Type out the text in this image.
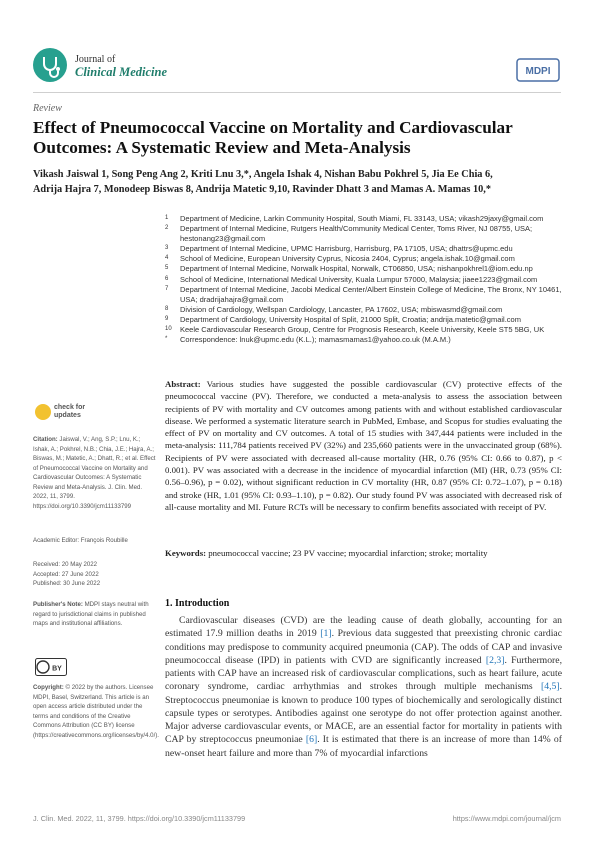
Journal of
Clinical Medicine	MDPI
Review
Effect of Pneumococcal Vaccine on Mortality and Cardiovascular Outcomes: A Systematic Review and Meta-Analysis
Vikash Jaiswal 1, Song Peng Ang 2, Kriti Lnu 3,*, Angela Ishak 4, Nishan Babu Pokhrel 5, Jia Ee Chia 6,
Adrija Hajra 7, Monodeep Biswas 8, Andrija Matetic 9,10, Ravinder Dhatt 3 and Mamas A. Mamas 10,*
1 Department of Medicine, Larkin Community Hospital, South Miami, FL 33143, USA; vikash29jaxy@gmail.com
2 Department of Internal Medicine, Rutgers Health/Community Medical Center, Toms River, NJ 08755, USA; hestonang23@gmail.com
3 Department of Internal Medicine, UPMC Harrisburg, Harrisburg, PA 17105, USA; dhattrs@upmc.edu
4 School of Medicine, European University Cyprus, Nicosia 2404, Cyprus; angela.ishak.10@gmail.com
5 Department of Internal Medicine, Norwalk Hospital, Norwalk, CT06850, USA; nishanpokhrel1@iom.edu.np
6 School of Medicine, International Medical University, Kuala Lumpur 57000, Malaysia; jiaee1223@gmail.com
7 Department of Internal Medicine, Jacobi Medical Center/Albert Einstein College of Medicine, The Bronx, NY 10461, USA; dradrijahajra@gmail.com
8 Division of Cardiology, Wellspan Cardiology, Lancaster, PA 17602, USA; mbiswasmd@gmail.com
9 Department of Cardiology, University Hospital of Split, 21000 Split, Croatia; andrija.matetic@gmail.com
10 Keele Cardiovascular Research Group, Centre for Prognosis Research, Keele University, Keele ST5 5BG, UK
* Correspondence: lnuk@upmc.edu (K.L.); mamasmamas1@yahoo.co.uk (M.A.M.)
Abstract: Various studies have suggested the possible cardiovascular (CV) protective effects of the pneumococcal vaccine (PV). Therefore, we conducted a meta-analysis to assess the association between recipients of PV with mortality and CV outcomes among patients with and without established cardiovascular disease. We performed a systematic literature search in PubMed, Embase, and Scopus for studies evaluating the effect of PV on mortality and CV outcomes. A total of 15 studies with 347,444 patients were included in the meta-analysis: 111,784 patients received PV (32%) and 235,660 patients were in the unvaccinated group (68%). Recipients of PV were associated with decreased all-cause mortality (HR, 0.76 (95% CI: 0.66 to 0.87), p < 0.001). PV was associated with a decrease in the incidence of myocardial infarction (MI) (HR, 0.73 (95% CI: 0.56–0.96), p = 0.02), without significant reduction in CV mortality (HR, 0.87 (95% CI: 0.72–1.07), p = 0.18) and stroke (HR, 1.01 (95% CI: 0.93–1.10), p = 0.82). Our study found PV was associated with decreased risk of all-cause mortality and MI. Future RCTs will be necessary to confirm benefits associated with receipt of PV.
Keywords: pneumococcal vaccine; 23 PV vaccine; myocardial infarction; stroke; mortality
check for
updates
Citation: Jaiswal, V.; Ang, S.P.; Lnu, K.; Ishak, A.; Pokhrel, N.B.; Chia, J.E.; Hajra, A.; Biswas, M.; Matetic, A.; Dhatt, R.; et al. Effect of Pneumococcal Vaccine on Mortality and Cardiovascular Outcomes: A Systematic Review and Meta-Analysis. J. Clin. Med. 2022, 11, 3799. https://doi.org/10.3390/jcm11133799
Academic Editor: François Roubille
Received: 20 May 2022
Accepted: 27 June 2022
Published: 30 June 2022
Publisher's Note: MDPI stays neutral with regard to jurisdictional claims in published maps and institutional affiliations.
BY
Copyright: © 2022 by the authors. Licensee MDPI, Basel, Switzerland. This article is an open access article distributed under the terms and conditions of the Creative Commons Attribution (CC BY) license (https://creativecommons.org/licenses/by/4.0/).
1. Introduction

Cardiovascular diseases (CVD) are the leading cause of death globally, accounting for an estimated 17.9 million deaths in 2019 [1]. Previous data suggested that preexisting chronic cardiac conditions may predispose to community acquired pneumonia (CAP). The odds of CAP and invasive pneumococcal disease (IPD) in patients with CVD are significantly increased [2,3]. Furthermore, patients with CAP have an increased risk of cardiovascular complications, such as heart failure, acute coronary syndrome, cardiac arrhythmias and strokes through multiple mechanisms [4,5]. Streptococcus pneumoniae is known to produce 100 types of biochemically and serologically distinct capsule types or serotypes. Antibodies against one serotype do not offer protection against another. Major adverse cardiovascular events, or MACE, are an essential factor for mortality in patients with CAP by streptococcus pneumoniae [6]. It is estimated that there is an increase of more than 14% of new-onset heart failure and more than 7% of myocardial infarctions

J. Clin. Med. 2022, 11, 3799. https://doi.org/10.3390/jcm11133799	https://www.mdpi.com/journal/jcm
